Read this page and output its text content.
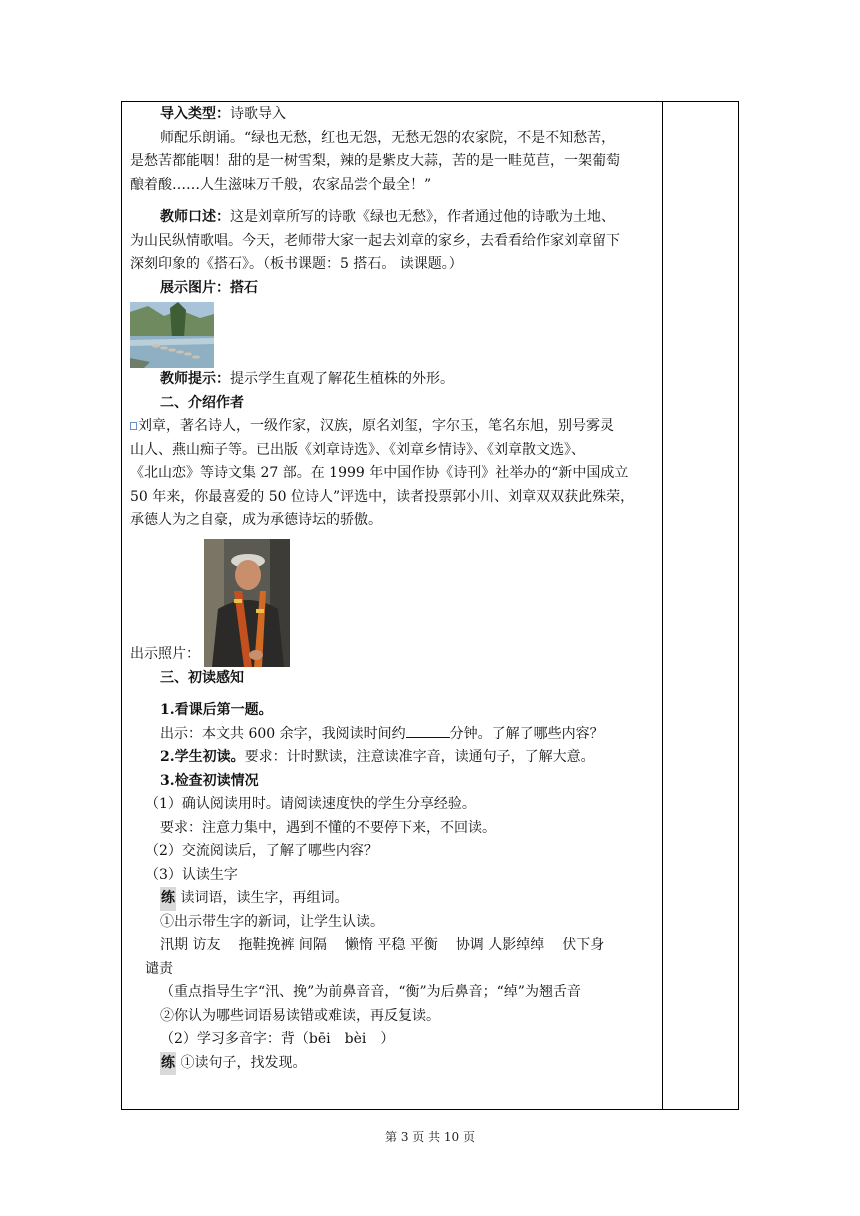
导入类型：诗歌导入

师配乐朗诵。“绿也无愁，红也无怨，无愁无怨的农家院，不是不知愁苦，

是愁苦都能咽！甜的是一树雪梨，辣的是紫皮大蒜，苦的是一畦苋苣，一架葡萄

酿着酸……人生滋味万千般，农家品尝个最全！”

教师口述：这是刘章所写的诗歌《绿也无愁》，作者通过他的诗歌为土地、

为山民纵情歌唱。今天，老师带大家一起去刘章的家乡，去看看给作家刘章留下

深刻印象的《搭石》。（板书课题：5 搭石。 读课题。）

展示图片：搭石

教师提示：提示学生直观了解花生植株的外形。

二、介绍作者

刘章，著名诗人，一级作家，汉族，原名刘玺，字尔玉，笔名东旭，别号雾灵

山人、燕山痴子等。已出版《刘章诗选》、《刘章乡情诗》、《刘章散文选》、

《北山恋》等诗文集 27 部。在 1999 年中国作协《诗刊》社举办的“新中国成立

50 年来，你最喜爱的 50 位诗人”评选中，读者投票郭小川、刘章双双获此殊荣，

承德人为之自豪，成为承德诗坛的骄傲。

出示照片：

三、初读感知

1.看课后第一题。

出示：本文共 600 余字，我阅读时间约	分钟。了解了哪些内容？

2.学生初读。要求：计时默读，注意读准字音，读通句子，了解大意。

3.检查初读情况

（1）确认阅读用时。请阅读速度快的学生分享经验。

要求：注意力集中，遇到不懂的不要停下来，不回读。

（2）交流阅读后，了解了哪些内容？

（3）认读生字

练 读词语，读生字，再组词。

①出示带生字的新词，让学生认读。

汛期 访友 拖鞋挽裤 间隔 懒惰 平稳 平衡 协调 人影绰绰 伏下身

谴责

（重点指导生字“汛、挽”为前鼻音音，“衡”为后鼻音；“绰”为翘舌音

②你认为哪些词语易读错或难读，再反复读。

（2）学习多音字：背（bēi　bèi　）

练 ①读句子，找发现。

第 3 页 共 10 页
